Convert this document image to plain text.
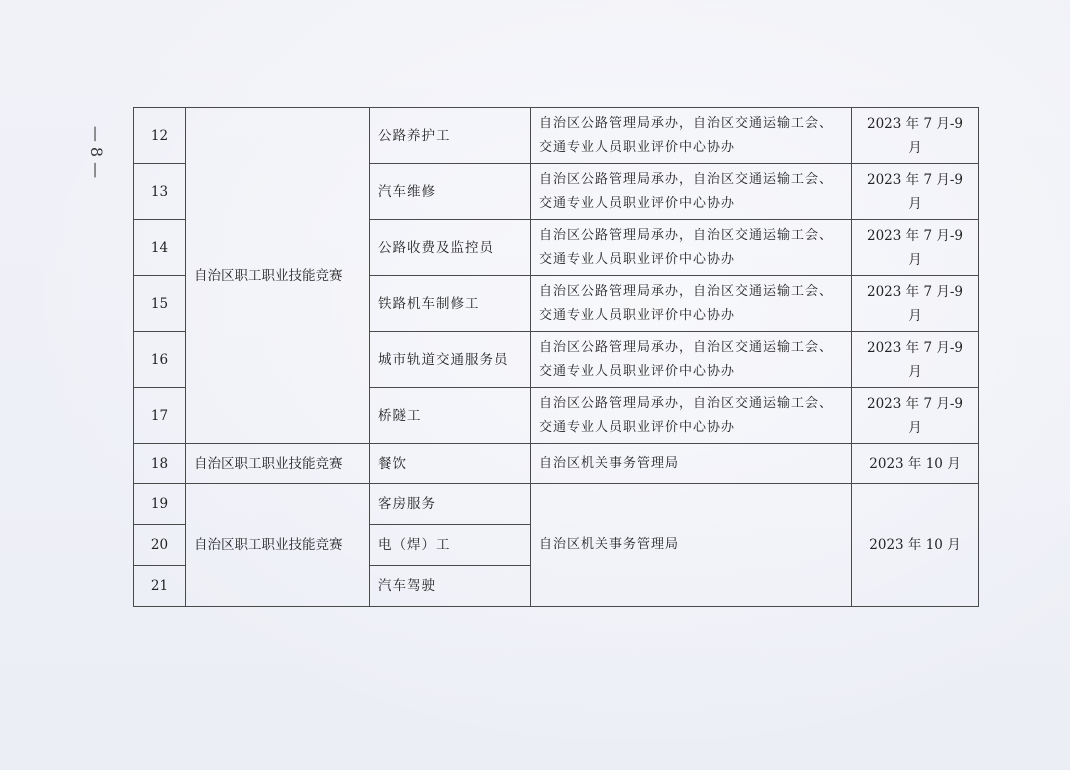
— 8 —	12	自治区职工职业技能竞赛	公路养护工	自治区公路管理局承办，自治区交通运输工会、交通专业人员职业评价中心协办	2023 年 7 月-9 月
13		汽车维修	自治区公路管理局承办，自治区交通运输工会、交通专业人员职业评价中心协办	2023 年 7 月-9 月
14		公路收费及监控员	自治区公路管理局承办，自治区交通运输工会、交通专业人员职业评价中心协办	2023 年 7 月-9 月
15		铁路机车制修工	自治区公路管理局承办，自治区交通运输工会、交通专业人员职业评价中心协办	2023 年 7 月-9 月
16		城市轨道交通服务员	自治区公路管理局承办，自治区交通运输工会、交通专业人员职业评价中心协办	2023 年 7 月-9 月
17		桥隧工	自治区公路管理局承办，自治区交通运输工会、交通专业人员职业评价中心协办	2023 年 7 月-9 月
18	自治区职工职业技能竞赛	餐饮	自治区机关事务管理局	2023 年 10 月
19	自治区职工职业技能竞赛	客房服务	自治区机关事务管理局	2023 年 10 月
20		电（焊）工		
21		汽车驾驶		
